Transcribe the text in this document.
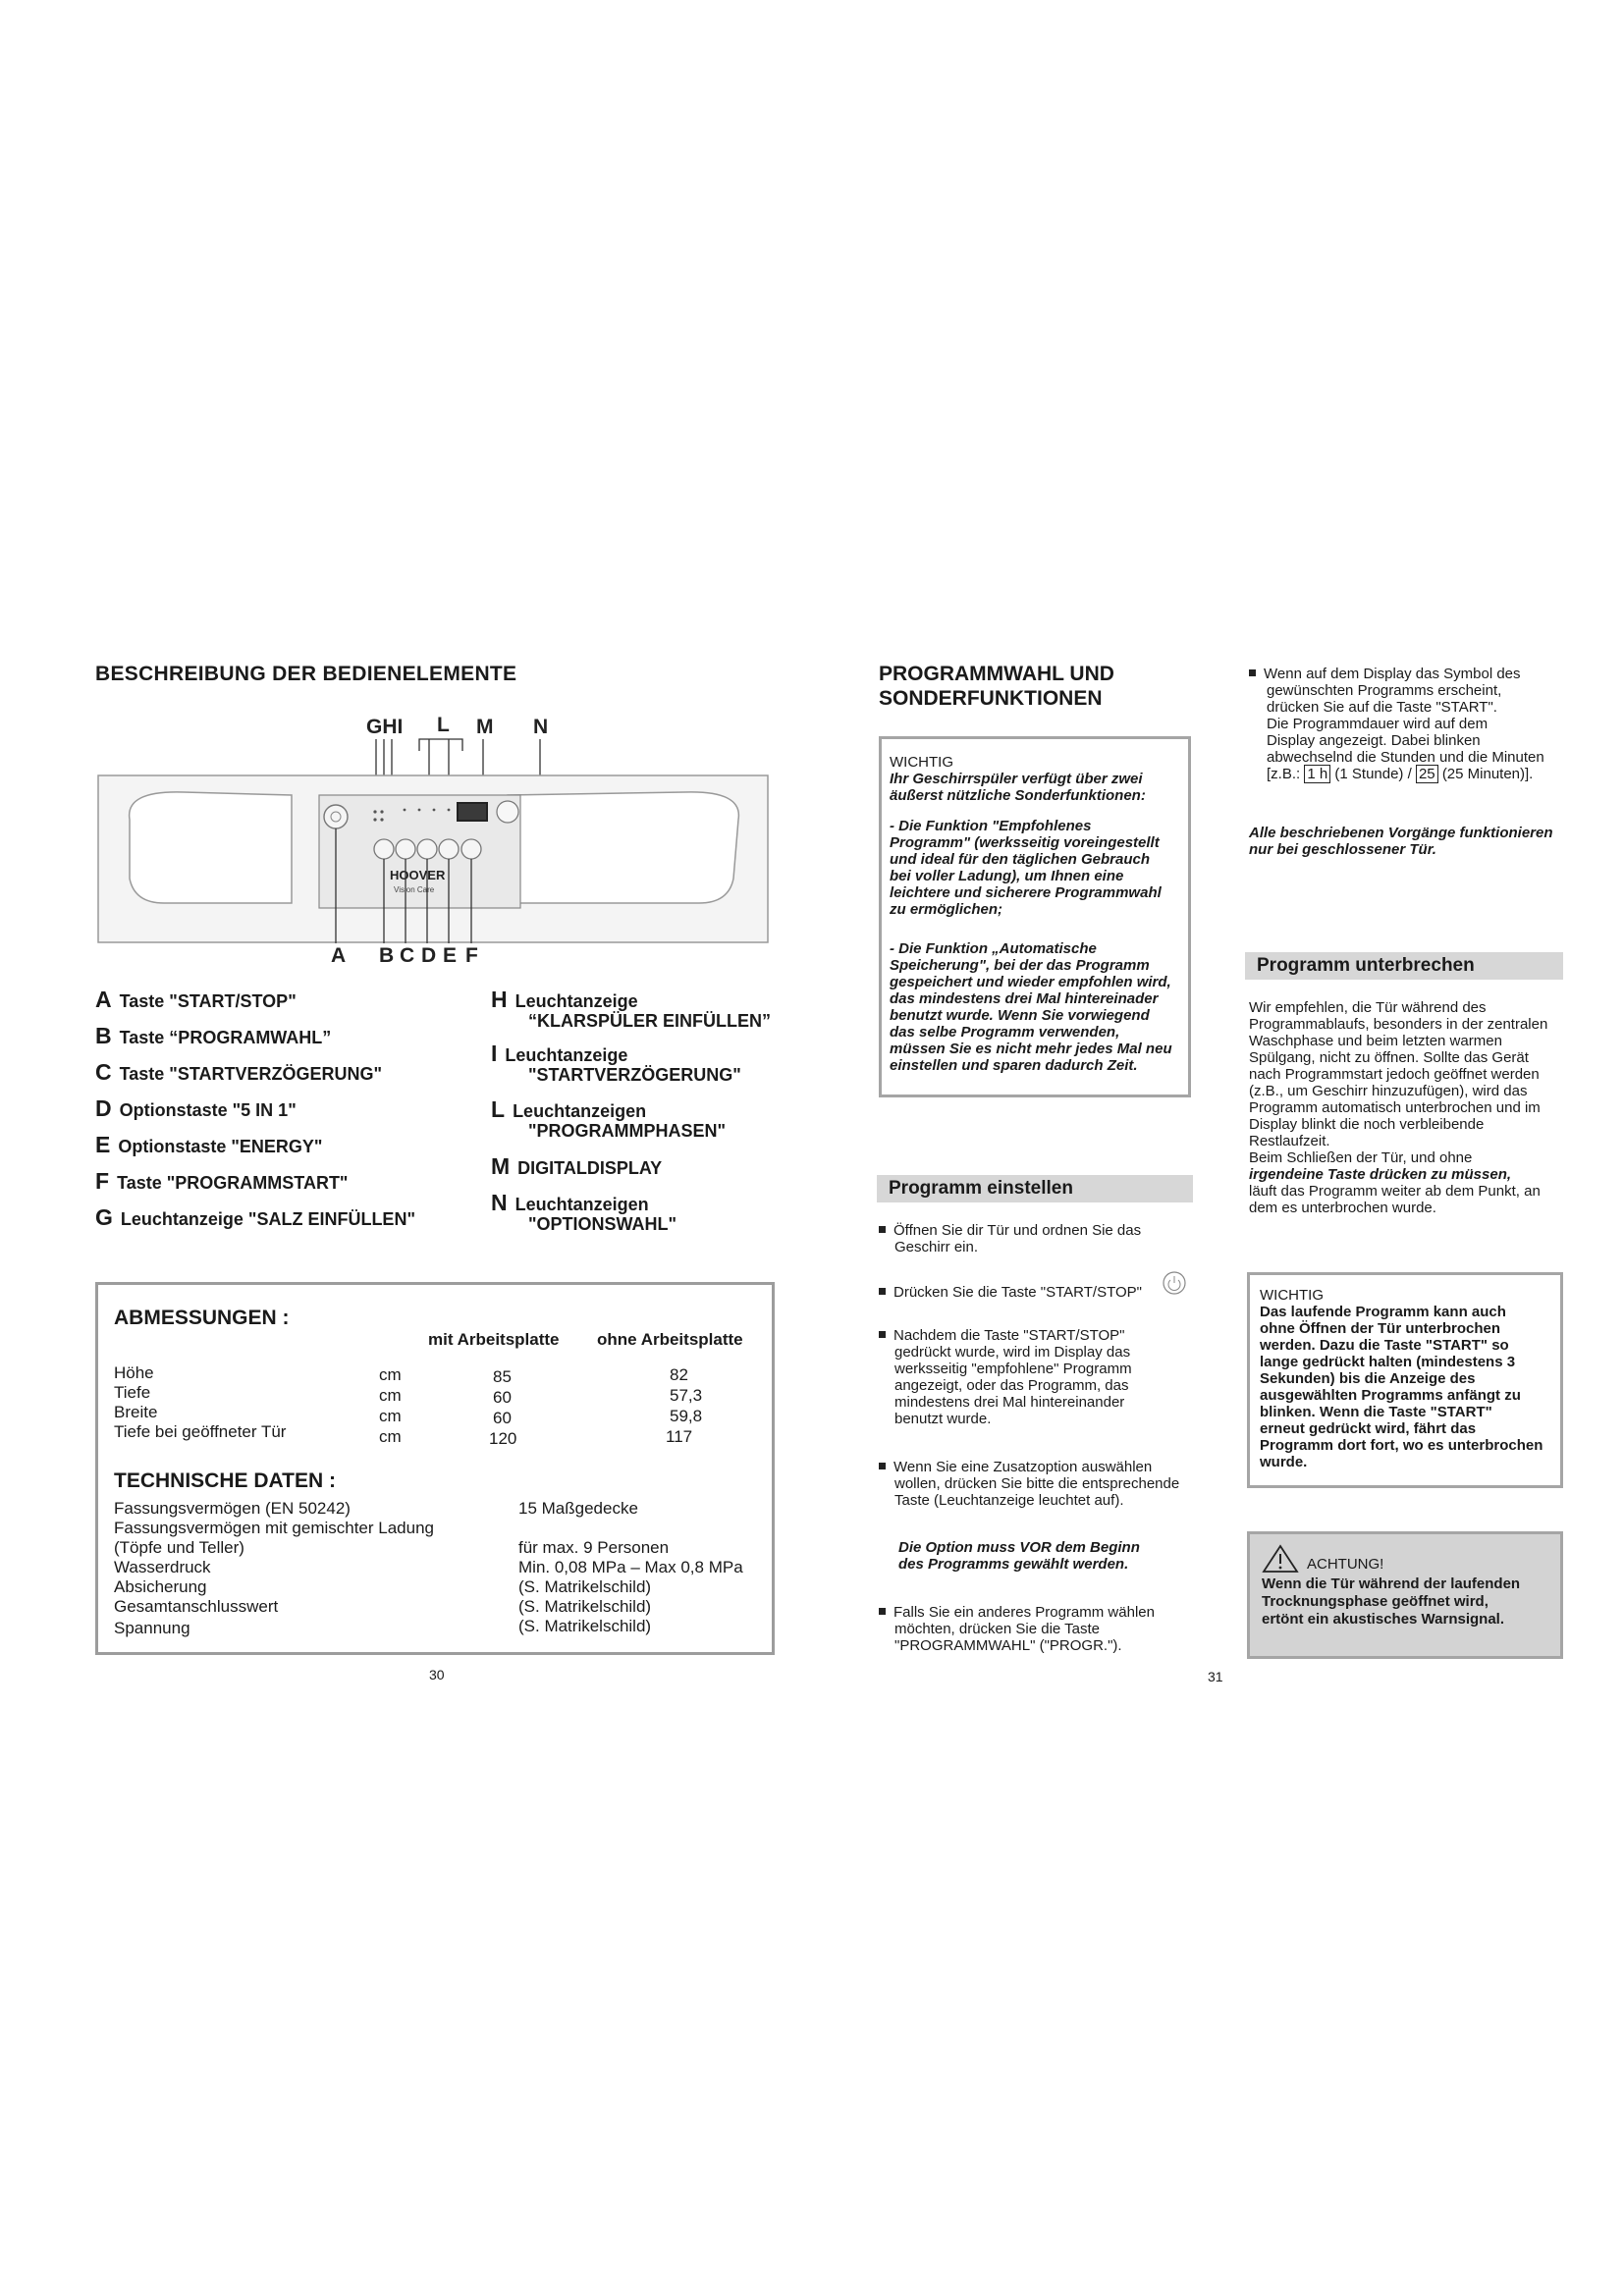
BESCHREIBUNG DER BEDIENELEMENTE
GHI L M N
HOOVER
Vision Care
A B C D E F
A Taste "START/STOP"
B Taste “PROGRAMWAHL”
C Taste "STARTVERZÖGERUNG"
D Optionstaste "5 IN 1"
E Optionstaste "ENERGY"
F Taste "PROGRAMMSTART"
G Leuchtanzeige "SALZ EINFÜLLEN"
H Leuchtanzeige
“KLARSPÜLER EINFÜLLEN”
I Leuchtanzeige
"STARTVERZÖGERUNG"
L Leuchtanzeigen
"PROGRAMMPHASEN"
M DIGITALDISPLAY
N Leuchtanzeigen
"OPTIONSWAHL"
ABMESSUNGEN :
mit Arbeitsplatte ohne Arbeitsplatte
Höhe	cm	85	82
Tiefe	cm	60	57,3
Breite	cm	60	59,8
Tiefe bei geöffneter Tür	cm	120	117
TECHNISCHE DATEN :
Fassungsvermögen (EN 50242)	15 Maßgedecke
Fassungsvermögen mit gemischter Ladung
(Töpfe und Teller)	für max. 9 Personen
Wasserdruck	Min. 0,08 MPa – Max 0,8 MPa
Absicherung	(S. Matrikelschild)
Gesamtanschlusswert	(S. Matrikelschild)
Spannung	(S. Matrikelschild)
30
PROGRAMMWAHL UND
SONDERFUNKTIONEN
WICHTIG
Ihr Geschirrspüler verfügt über zwei
äußerst nützliche Sonderfunktionen:
- Die Funktion "Empfohlenes
Programm" (werksseitig voreingestellt
und ideal für den täglichen Gebrauch
bei voller Ladung), um Ihnen eine
leichtere und sicherere Programmwahl
zu ermöglichen;
- Die Funktion „Automatische
Speicherung", bei der das Programm
gespeichert und wieder empfohlen wird,
das mindestens drei Mal hintereinader
benutzt wurde. Wenn Sie vorwiegend
das selbe Programm verwenden,
müssen Sie es nicht mehr jedes Mal neu
einstellen und sparen dadurch Zeit.
Programm einstellen
Öffnen Sie dir Tür und ordnen Sie das
Geschirr ein.
Drücken Sie die Taste "START/STOP"
Nachdem die Taste "START/STOP"
gedrückt wurde, wird im Display das
werksseitig "empfohlene" Programm
angezeigt, oder das Programm, das
mindestens drei Mal hintereinander
benutzt wurde.
Wenn Sie eine Zusatzoption auswählen
wollen, drücken Sie bitte die entsprechende
Taste (Leuchtanzeige leuchtet auf).
Die Option muss VOR dem Beginn
des Programms gewählt werden.
Falls Sie ein anderes Programm wählen
möchten, drücken Sie die Taste
"PROGRAMMWAHL" ("PROGR.").
31
Wenn auf dem Display das Symbol des
gewünschten Programms erscheint,
drücken Sie auf die Taste "START".
Die Programmdauer wird auf dem
Display angezeigt. Dabei blinken
abwechselnd die Stunden und die Minuten
[z.B.: 1 h (1 Stunde) / 25 (25 Minuten)].
Alle beschriebenen Vorgänge funktionieren
nur bei geschlossener Tür.
Programm unterbrechen
Wir empfehlen, die Tür während des
Programmablaufs, besonders in der zentralen
Waschphase und beim letzten warmen
Spülgang, nicht zu öffnen. Sollte das Gerät
nach Programmstart jedoch geöffnet werden
(z.B., um Geschirr hinzuzufügen), wird das
Programm automatisch unterbrochen und im
Display blinkt die noch verbleibende
Restlaufzeit.
Beim Schließen der Tür, und ohne
irgendeine Taste drücken zu müssen,
läuft das Programm weiter ab dem Punkt, an
dem es unterbrochen wurde.
WICHTIG
Das laufende Programm kann auch
ohne Öffnen der Tür unterbrochen
werden. Dazu die Taste "START" so
lange gedrückt halten (mindestens 3
Sekunden) bis die Anzeige des
ausgewählten Programms anfängt zu
blinken. Wenn die Taste "START"
erneut gedrückt wird, fährt das
Programm dort fort, wo es unterbrochen
wurde.
ACHTUNG!
Wenn die Tür während der laufenden
Trocknungsphase geöffnet wird,
ertönt ein akustisches Warnsignal.
